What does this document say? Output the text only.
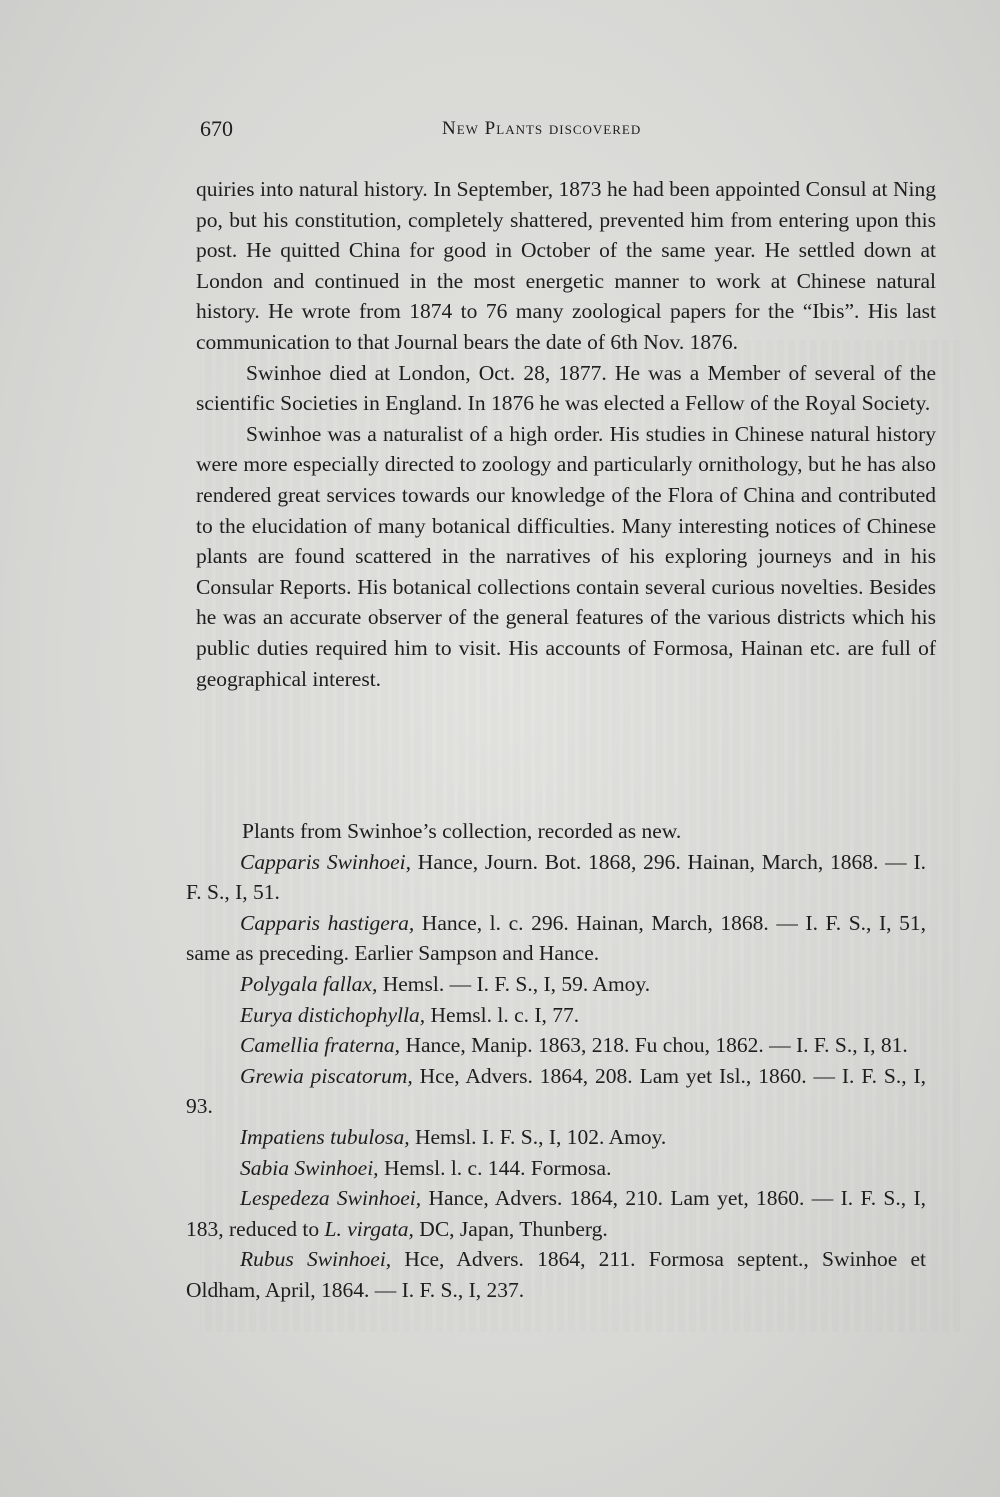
670	New Plants discovered

quiries into natural history. In September, 1873 he had been appointed Consul at Ning po, but his constitution, completely shattered, prevented him from entering upon this post. He quitted China for good in October of the same year. He settled down at London and continued in the most energetic manner to work at Chinese natural history. He wrote from 1874 to 76 many zoological papers for the “Ibis”. His last communication to that Journal bears the date of 6th Nov. 1876.

Swinhoe died at London, Oct. 28, 1877. He was a Member of several of the scientific Societies in England. In 1876 he was elected a Fellow of the Royal Society.

Swinhoe was a naturalist of a high order. His studies in Chinese natural history were more especially directed to zoology and particularly ornithology, but he has also rendered great services towards our knowledge of the Flora of China and contributed to the elucidation of many botanical difficulties. Many interesting notices of Chinese plants are found scattered in the narratives of his exploring journeys and in his Consular Reports. His botanical collections contain several curious novelties. Besides he was an accurate observer of the general features of the various districts which his public duties required him to visit. His accounts of Formosa, Hainan etc. are full of geographical interest.

Plants from Swinhoe’s collection, recorded as new.

Capparis Swinhoei, Hance, Journ. Bot. 1868, 296. Hainan, March, 1868. — I. F. S., I, 51.

Capparis hastigera, Hance, l. c. 296. Hainan, March, 1868. — I. F. S., I, 51, same as preceding. Earlier Sampson and Hance.

Polygala fallax, Hemsl. — I. F. S., I, 59. Amoy.

Eurya distichophylla, Hemsl. l. c. I, 77.

Camellia fraterna, Hance, Manip. 1863, 218. Fu chou, 1862. — I. F. S., I, 81.

Grewia piscatorum, Hce, Advers. 1864, 208. Lam yet Isl., 1860. — I. F. S., I, 93.

Impatiens tubulosa, Hemsl. I. F. S., I, 102. Amoy.

Sabia Swinhoei, Hemsl. l. c. 144. Formosa.

Lespedeza Swinhoei, Hance, Advers. 1864, 210. Lam yet, 1860. — I. F. S., I, 183, reduced to L. virgata, DC, Japan, Thunberg.

Rubus Swinhoei, Hce, Advers. 1864, 211. Formosa septent., Swinhoe et Oldham, April, 1864. — I. F. S., I, 237.
